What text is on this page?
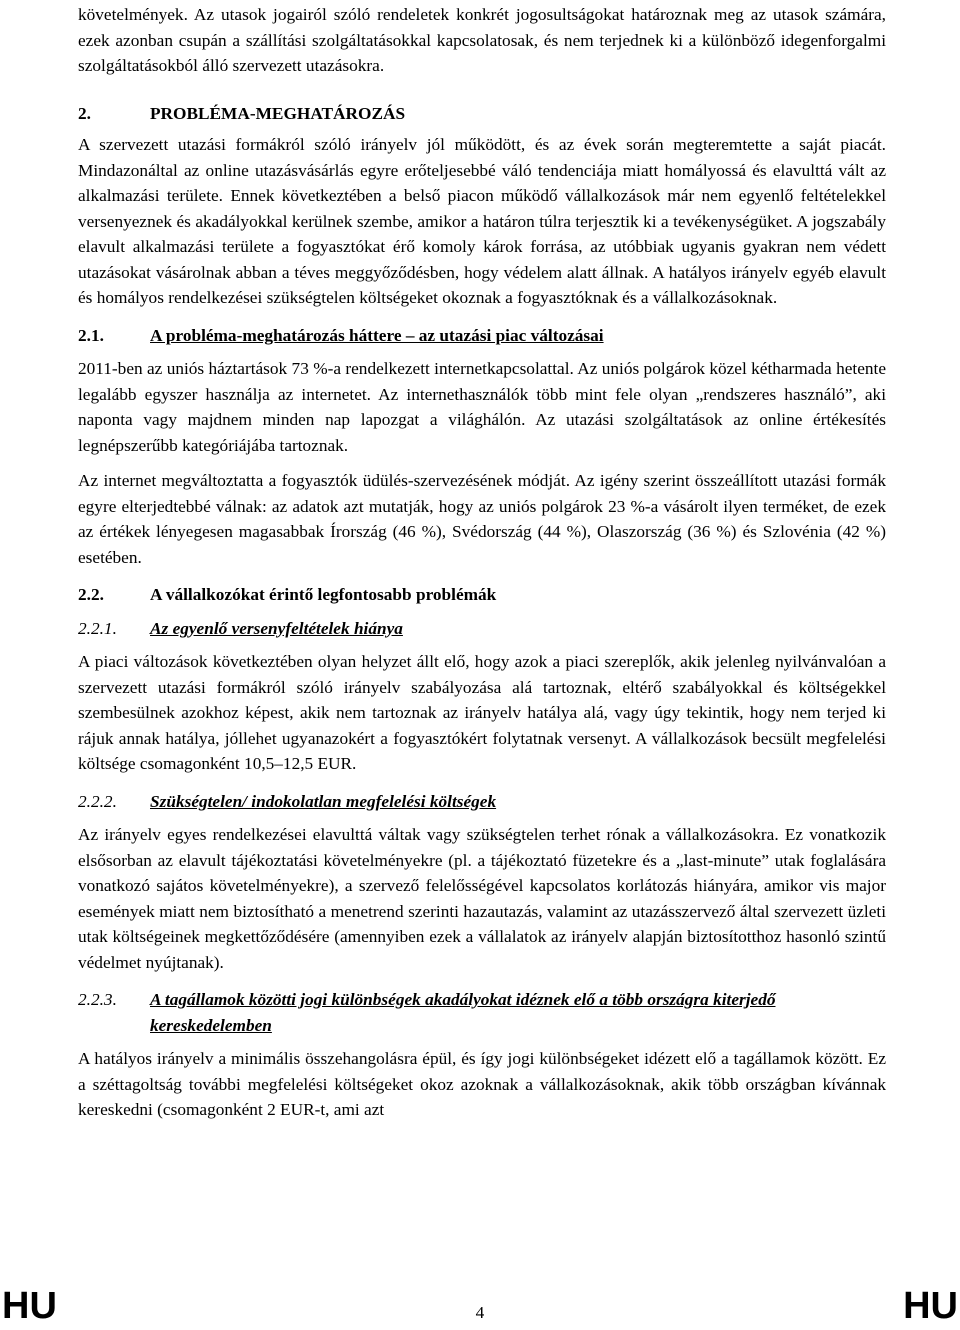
követelmények. Az utasok jogairól szóló rendeletek konkrét jogosultságokat határoznak meg az utasok számára, ezek azonban csupán a szállítási szolgáltatásokkal kapcsolatosak, és nem terjednek ki a különböző idegenforgalmi szolgáltatásokból álló szervezett utazásokra.

2.	PROBLÉMA-MEGHATÁROZÁS

A szervezett utazási formákról szóló irányelv jól működött, és az évek során megteremtette a saját piacát. Mindazonáltal az online utazásvásárlás egyre erőteljesebbé váló tendenciája miatt homályossá és elavulttá vált az alkalmazási területe. Ennek következtében a belső piacon működő vállalkozások már nem egyenlő feltételekkel versenyeznek és akadályokkal kerülnek szembe, amikor a határon túlra terjesztik ki a tevékenységüket. A jogszabály elavult alkalmazási területe a fogyasztókat érő komoly károk forrása, az utóbbiak ugyanis gyakran nem védett utazásokat vásárolnak abban a téves meggyőződésben, hogy védelem alatt állnak. A hatályos irányelv egyéb elavult és homályos rendelkezései szükségtelen költségeket okoznak a fogyasztóknak és a vállalkozásoknak.

2.1.	A probléma-meghatározás háttere – az utazási piac változásai

2011-ben az uniós háztartások 73 %-a rendelkezett internetkapcsolattal. Az uniós polgárok közel kétharmada hetente legalább egyszer használja az internetet. Az internethasználók több mint fele olyan „rendszeres használó”, aki naponta vagy majdnem minden nap lapozgat a világhálón. Az utazási szolgáltatások az online értékesítés legnépszerűbb kategóriájába tartoznak.

Az internet megváltoztatta a fogyasztók üdülés-szervezésének módját. Az igény szerint összeállított utazási formák egyre elterjedtebbé válnak: az adatok azt mutatják, hogy az uniós polgárok 23 %-a vásárolt ilyen terméket, de ezek az értékek lényegesen magasabbak Írország (46 %), Svédország (44 %), Olaszország (36 %) és Szlovénia (42 %) esetében.

2.2.	A vállalkozókat érintő legfontosabb problémák
2.2.1.	Az egyenlő versenyfeltételek hiánya

A piaci változások következtében olyan helyzet állt elő, hogy azok a piaci szereplők, akik jelenleg nyilvánvalóan a szervezett utazási formákról szóló irányelv szabályozása alá tartoznak, eltérő szabályokkal és költségekkel szembesülnek azokhoz képest, akik nem tartoznak az irányelv hatálya alá, vagy úgy tekintik, hogy nem terjed ki rájuk annak hatálya, jóllehet ugyanazokért a fogyasztókért folytatnak versenyt. A vállalkozások becsült megfelelési költsége csomagonként 10,5–12,5 EUR.

2.2.2.	Szükségtelen/ indokolatlan megfelelési költségek

Az irányelv egyes rendelkezései elavulttá váltak vagy szükségtelen terhet rónak a vállalkozásokra. Ez vonatkozik elsősorban az elavult tájékoztatási követelményekre (pl. a tájékoztató füzetekre és a „last-minute” utak foglalására vonatkozó sajátos követelményekre), a szervező felelősségével kapcsolatos korlátozás hiányára, amikor vis major események miatt nem biztosítható a menetrend szerinti hazautazás, valamint az utazásszervező által szervezett üzleti utak költségeinek megkettőződésére (amennyiben ezek a vállalatok az irányelv alapján biztosítotthoz hasonló szintű védelmet nyújtanak).

2.2.3.	A tagállamok közötti jogi különbségek akadályokat idéznek elő a több országra kiterjedő kereskedelemben

A hatályos irányelv a minimális összehangolásra épül, és így jogi különbségeket idézett elő a tagállamok között. Ez a széttagoltság további megfelelési költségeket okoz azoknak a vállalkozásoknak, akik több országban kívánnak kereskedni (csomagonként 2 EUR-t, ami azt

HU	4	HU
